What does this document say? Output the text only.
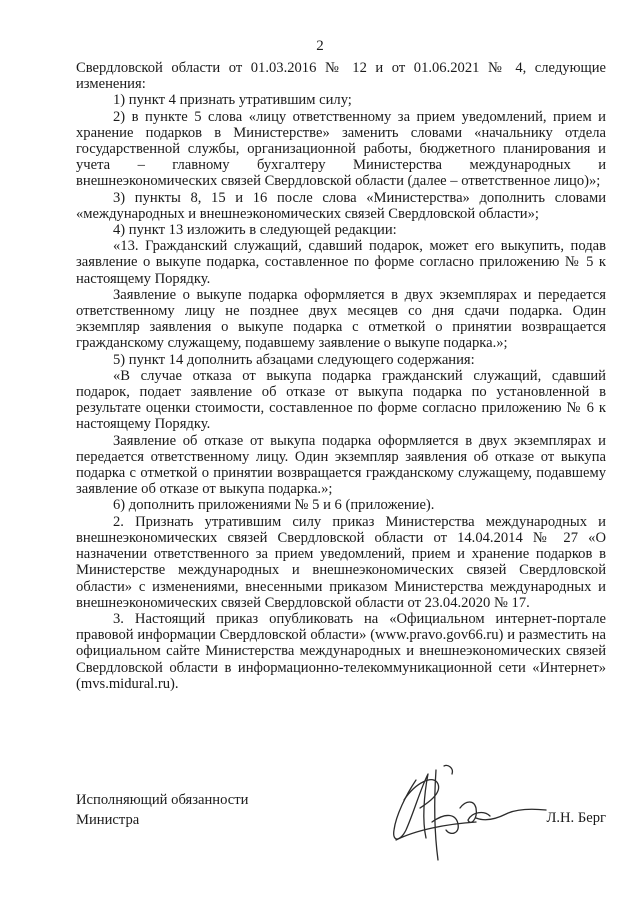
2

Свердловской области от 01.03.2016 № 12 и от 01.06.2021 № 4, следующие изменения:

1) пункт 4 признать утратившим силу;

2) в пункте 5 слова «лицу ответственному за прием уведомлений, прием и хранение подарков в Министерстве» заменить словами «начальнику отдела государственной службы, организационной работы, бюджетного планирования и учета – главному бухгалтеру Министерства международных и внешнеэкономических связей Свердловской области (далее – ответственное лицо)»;

3) пункты 8, 15 и 16 после слова «Министерства» дополнить словами «международных и внешнеэкономических связей Свердловской области»;

4) пункт 13 изложить в следующей редакции:

«13. Гражданский служащий, сдавший подарок, может его выкупить, подав заявление о выкупе подарка, составленное по форме согласно приложению № 5 к настоящему Порядку.

Заявление о выкупе подарка оформляется в двух экземплярах и передается ответственному лицу не позднее двух месяцев со дня сдачи подарка. Один экземпляр заявления о выкупе подарка с отметкой о принятии возвращается гражданскому служащему, подавшему заявление о выкупе подарка.»;

5) пункт 14 дополнить абзацами следующего содержания:

«В случае отказа от выкупа подарка гражданский служащий, сдавший подарок, подает заявление об отказе от выкупа подарка по установленной в результате оценки стоимости, составленное по форме согласно приложению № 6 к настоящему Порядку.

Заявление об отказе от выкупа подарка оформляется в двух экземплярах и передается ответственному лицу. Один экземпляр заявления об отказе от выкупа подарка с отметкой о принятии возвращается гражданскому служащему, подавшему заявление об отказе от выкупа подарка.»;

6) дополнить приложениями № 5 и 6 (приложение).

2. Признать утратившим силу приказ Министерства международных и внешнеэкономических связей Свердловской области от 14.04.2014 № 27 «О назначении ответственного за прием уведомлений, прием и хранение подарков в Министерстве международных и внешнеэкономических связей Свердловской области» с изменениями, внесенными приказом Министерства международных и внешнеэкономических связей Свердловской области от 23.04.2020 № 17.

3. Настоящий приказ опубликовать на «Официальном интернет-портале правовой информации Свердловской области» (www.pravo.gov66.ru) и разместить на официальном сайте Министерства международных и внешнеэкономических связей Свердловской области в информационно-телекоммуникационной сети «Интернет» (mvs.midural.ru).

Исполняющий обязанности
Министра	Л.Н. Берг
